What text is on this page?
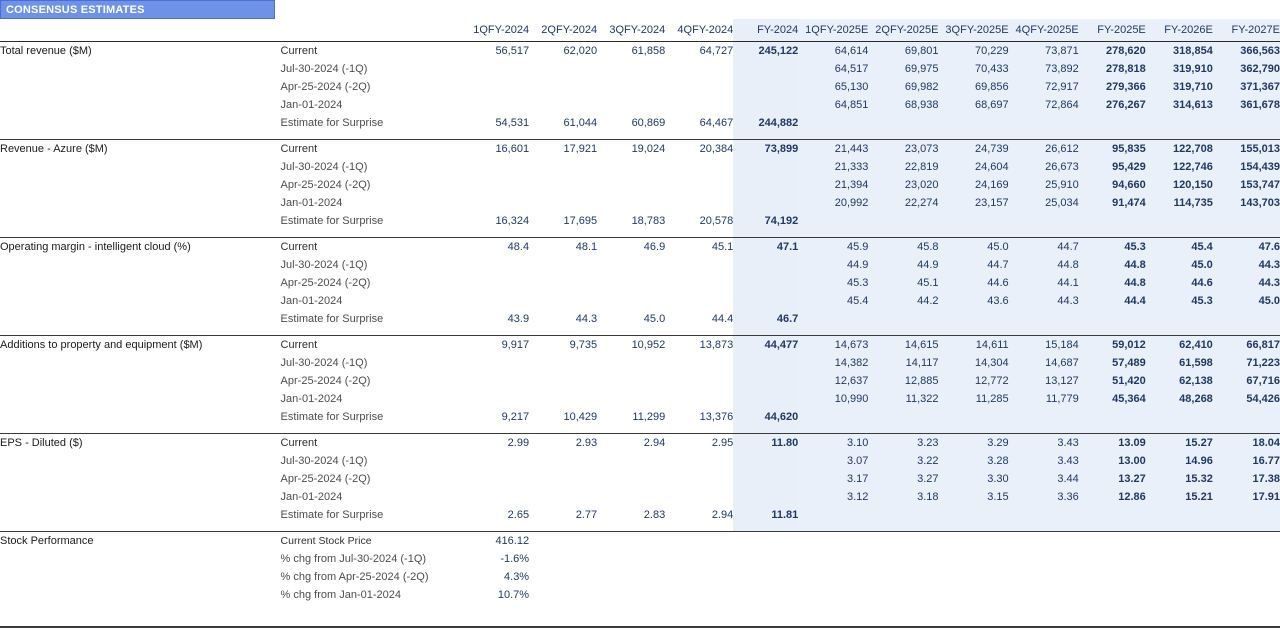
CONSENSUS ESTIMATES
		1QFY-2024	2QFY-2024	3QFY-2024	4QFY-2024	FY-2024	1QFY-2025E	2QFY-2025E	3QFY-2025E	4QFY-2025E	FY-2025E	FY-2026E	FY-2027E
Total revenue ($M)	Current	56,517	62,020	61,858	64,727	245,122	64,614	69,801	70,229	73,871	278,620	318,854	366,563
	Jul-30-2024 (-1Q)						64,517	69,975	70,433	73,892	278,818	319,910	362,790
	Apr-25-2024 (-2Q)						65,130	69,982	69,856	72,917	279,366	319,710	371,367
	Jan-01-2024						64,851	68,938	68,697	72,864	276,267	314,613	361,678
	Estimate for Surprise	54,531	61,044	60,869	64,467	244,882							

Revenue - Azure ($M)	Current	16,601	17,921	19,024	20,384	73,899	21,443	23,073	24,739	26,612	95,835	122,708	155,013
	Jul-30-2024 (-1Q)						21,333	22,819	24,604	26,673	95,429	122,746	154,439
	Apr-25-2024 (-2Q)						21,394	23,020	24,169	25,910	94,660	120,150	153,747
	Jan-01-2024						20,992	22,274	23,157	25,034	91,474	114,735	143,703
	Estimate for Surprise	16,324	17,695	18,783	20,578	74,192							

Operating margin - intelligent cloud (%)	Current	48.4	48.1	46.9	45.1	47.1	45.9	45.8	45.0	44.7	45.3	45.4	47.6
	Jul-30-2024 (-1Q)						44.9	44.9	44.7	44.8	44.8	45.0	44.3
	Apr-25-2024 (-2Q)						45.3	45.1	44.6	44.1	44.8	44.6	44.3
	Jan-01-2024						45.4	44.2	43.6	44.3	44.4	45.3	45.0
	Estimate for Surprise	43.9	44.3	45.0	44.4	46.7							

Additions to property and equipment ($M)	Current	9,917	9,735	10,952	13,873	44,477	14,673	14,615	14,611	15,184	59,012	62,410	66,817
	Jul-30-2024 (-1Q)						14,382	14,117	14,304	14,687	57,489	61,598	71,223
	Apr-25-2024 (-2Q)						12,637	12,885	12,772	13,127	51,420	62,138	67,716
	Jan-01-2024						10,990	11,322	11,285	11,779	45,364	48,268	54,426
	Estimate for Surprise	9,217	10,429	11,299	13,376	44,620							

EPS - Diluted ($)	Current	2.99	2.93	2.94	2.95	11.80	3.10	3.23	3.29	3.43	13.09	15.27	18.04
	Jul-30-2024 (-1Q)						3.07	3.22	3.28	3.43	13.00	14.96	16.77
	Apr-25-2024 (-2Q)						3.17	3.27	3.30	3.44	13.27	15.32	17.38
	Jan-01-2024						3.12	3.18	3.15	3.36	12.86	15.21	17.91
	Estimate for Surprise	2.65	2.77	2.83	2.94	11.81							

Stock Performance	Current Stock Price	416.12											
	% chg from Jul-30-2024 (-1Q)	-1.6%											
	% chg from Apr-25-2024 (-2Q)	4.3%											
	% chg from Jan-01-2024	10.7%											
